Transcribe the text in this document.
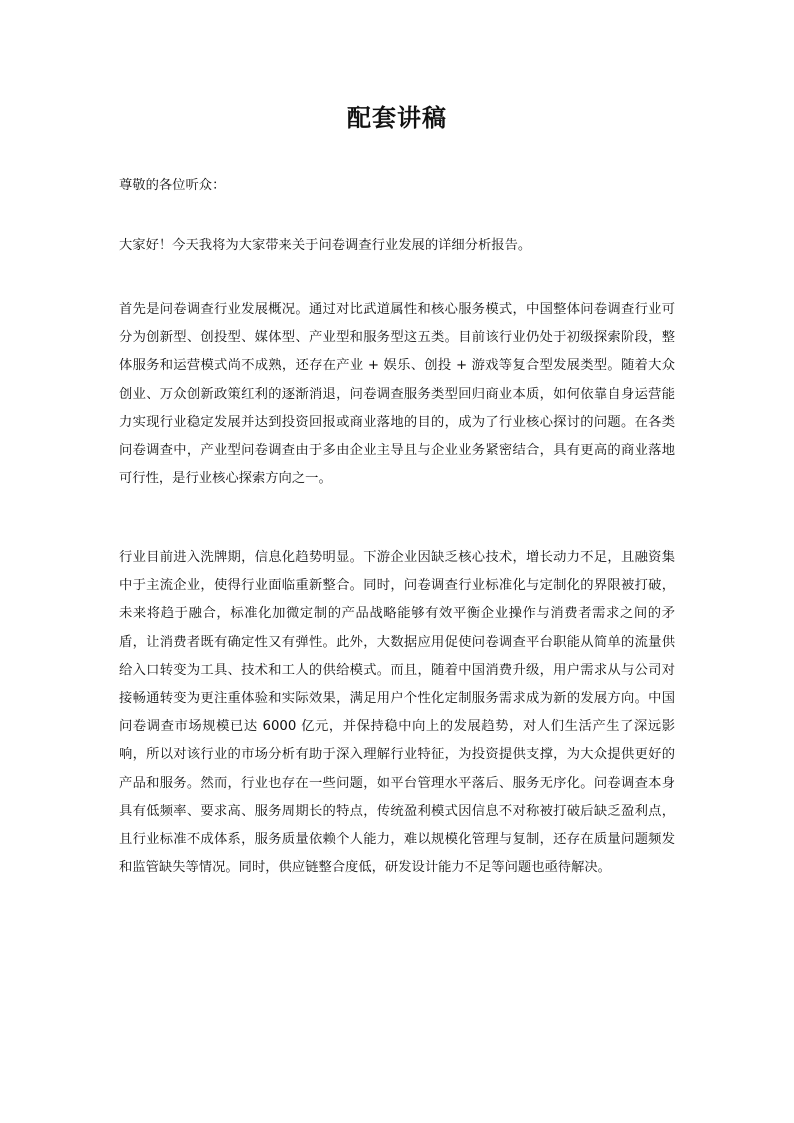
配套讲稿

尊敬的各位听众：

大家好！今天我将为大家带来关于问卷调查行业发展的详细分析报告。

首先是问卷调查行业发展概况。通过对比武道属性和核心服务模式，中国整体问卷调查行业可分为创新型、创投型、媒体型、产业型和服务型这五类。目前该行业仍处于初级探索阶段，整体服务和运营模式尚不成熟，还存在产业 + 娱乐、创投 + 游戏等复合型发展类型。随着大众创业、万众创新政策红利的逐渐消退，问卷调查服务类型回归商业本质，如何依靠自身运营能力实现行业稳定发展并达到投资回报或商业落地的目的，成为了行业核心探讨的问题。在各类问卷调查中，产业型问卷调查由于多由企业主导且与企业业务紧密结合，具有更高的商业落地可行性，是行业核心探索方向之一。

行业目前进入洗牌期，信息化趋势明显。下游企业因缺乏核心技术，增长动力不足，且融资集中于主流企业，使得行业面临重新整合。同时，问卷调查行业标准化与定制化的界限被打破，未来将趋于融合，标准化加微定制的产品战略能够有效平衡企业操作与消费者需求之间的矛盾，让消费者既有确定性又有弹性。此外，大数据应用促使问卷调查平台职能从简单的流量供给入口转变为工具、技术和工人的供给模式。而且，随着中国消费升级，用户需求从与公司对接畅通转变为更注重体验和实际效果，满足用户个性化定制服务需求成为新的发展方向。中国问卷调查市场规模已达 6000 亿元，并保持稳中向上的发展趋势，对人们生活产生了深远影响，所以对该行业的市场分析有助于深入理解行业特征，为投资提供支撑，为大众提供更好的产品和服务。然而，行业也存在一些问题，如平台管理水平落后、服务无序化。问卷调查本身具有低频率、要求高、服务周期长的特点，传统盈利模式因信息不对称被打破后缺乏盈利点，且行业标准不成体系，服务质量依赖个人能力，难以规模化管理与复制，还存在质量问题频发和监管缺失等情况。同时，供应链整合度低，研发设计能力不足等问题也亟待解决。
